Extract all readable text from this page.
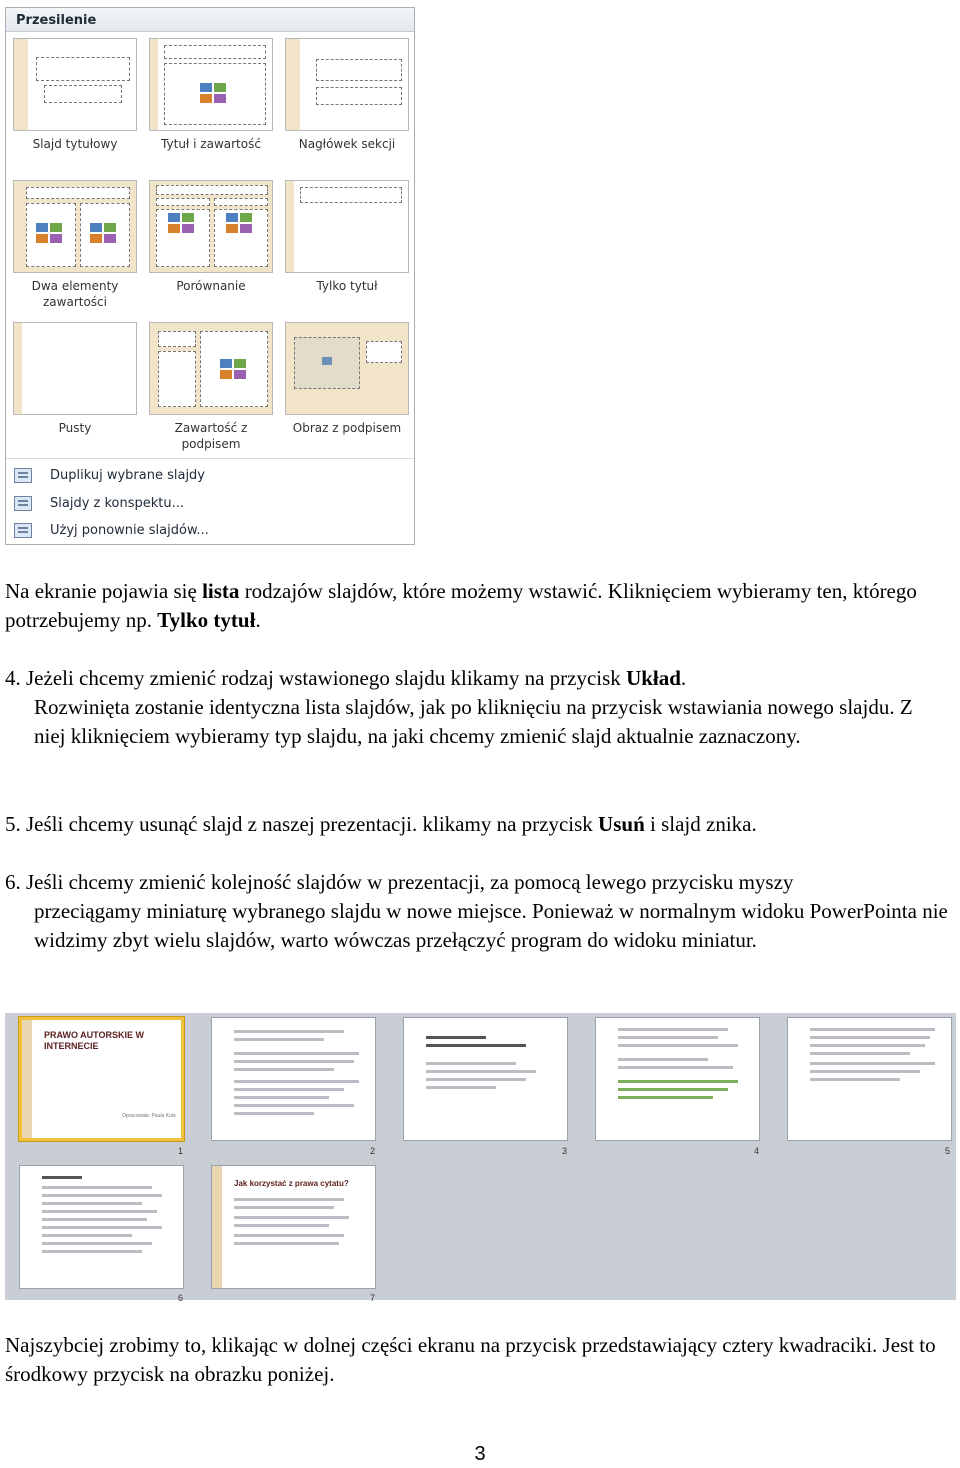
Przesilenie
Slajd tytułowy	Tytuł i zawartość	Nagłówek sekcji
Dwa elementy zawartości
Porównanie	Tylko tytuł
Pusty	Zawartość z podpisem
Obraz z podpisem
Duplikuj wybrane slajdy
Slajdy z konspektu...
Użyj ponownie slajdów...
Na ekranie pojawia się lista rodzajów slajdów, które możemy wstawić. Kliknięciem wybieramy ten, którego potrzebujemy np. Tylko tytuł.
4. Jeżeli chcemy zmienić rodzaj wstawionego slajdu klikamy na przycisk Układ.
Rozwinięta zostanie identyczna lista slajdów, jak po kliknięciu na przycisk wstawiania nowego slajdu. Z niej kliknięciem wybieramy typ slajdu, na jaki chcemy zmienić slajd aktualnie zaznaczony.
5. Jeśli chcemy usunąć slajd z naszej prezentacji. klikamy na przycisk Usuń i slajd znika.
6. Jeśli chcemy zmienić kolejność slajdów w prezentacji, za pomocą lewego przycisku myszy
przeciągamy miniaturę wybranego slajdu w nowe miejsce. Ponieważ w normalnym widoku PowerPointa nie widzimy zbyt wielu slajdów, warto wówczas przełączyć program do widoku miniatur.
PRAWO AUTORSKIE W INTERNECIE
Opracowała: Paula Kula
Jak korzystać z prawa cytatu?
1	2	3	4	5
6	7
Najszybciej zrobimy to, klikając w dolnej części ekranu na przycisk przedstawiający cztery kwadraciki. Jest to środkowy przycisk na obrazku poniżej.
3
